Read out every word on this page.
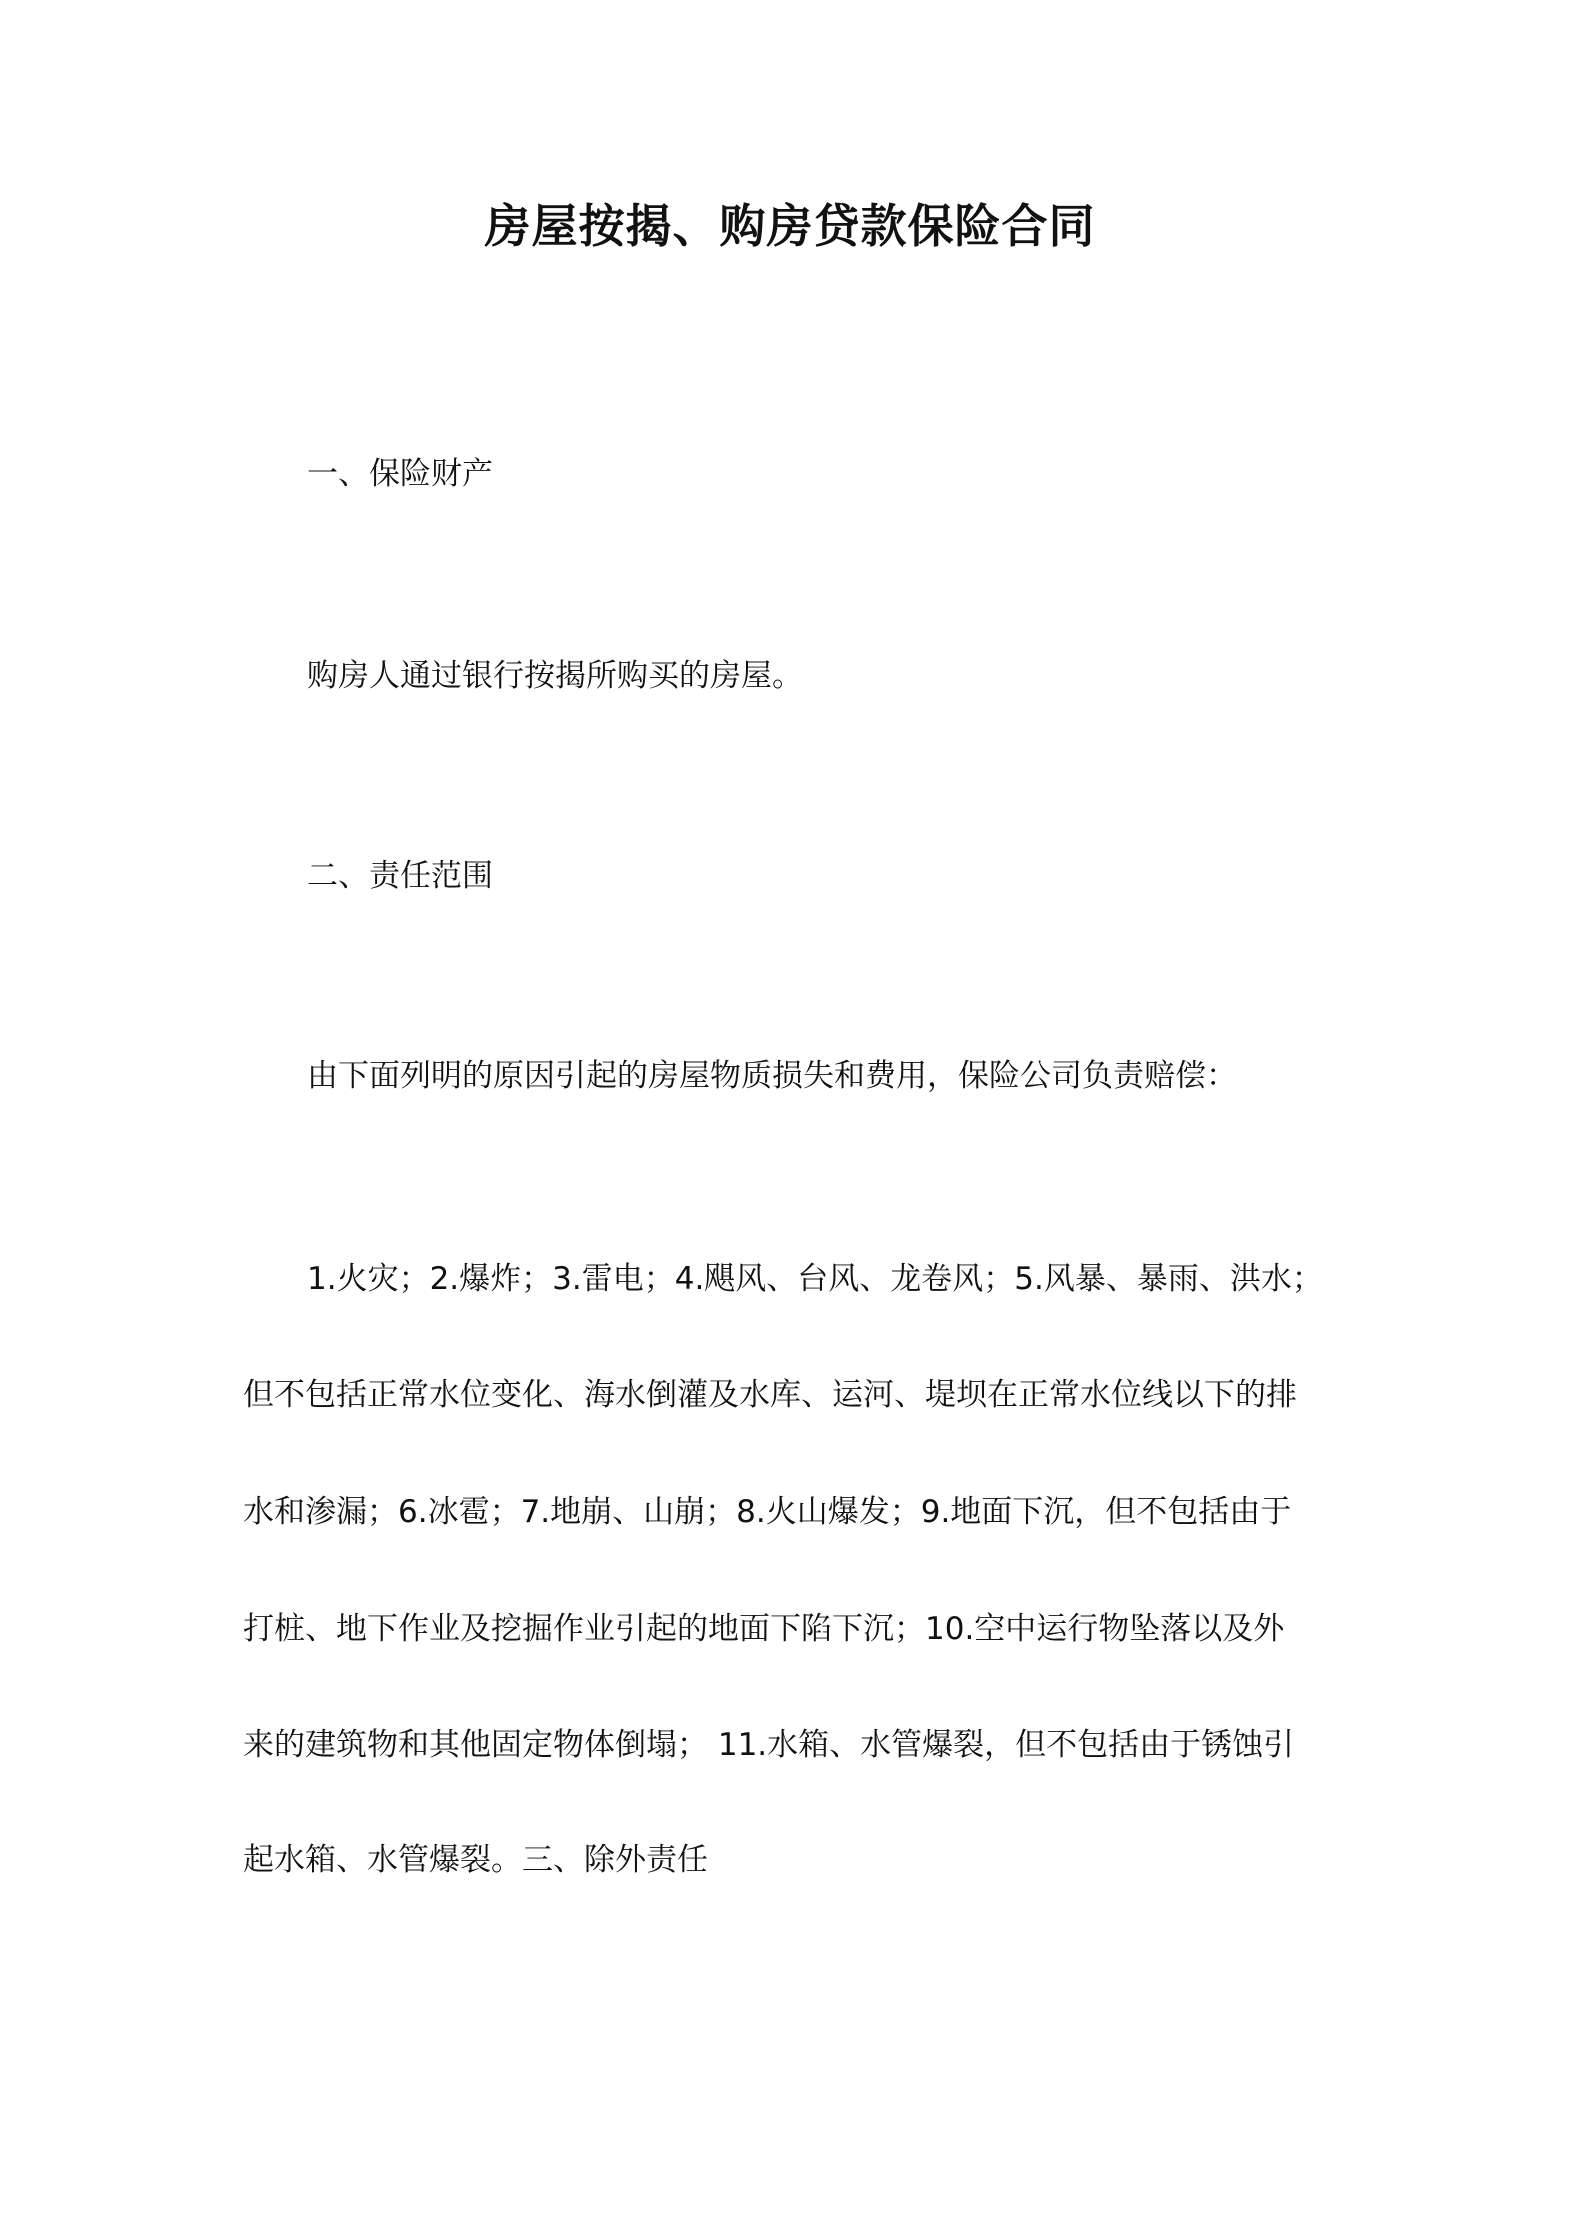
房屋按揭、购房贷款保险合同
一、保险财产
购房人通过银行按揭所购买的房屋。
二、责任范围
由下面列明的原因引起的房屋物质损失和费用，保险公司负责赔偿：
1.火灾；2.爆炸；3.雷电；4.飓风、台风、龙卷风；5.风暴、暴雨、洪水；
但不包括正常水位变化、海水倒灌及水库、运河、堤坝在正常水位线以下的排
水和渗漏；6.冰雹；7.地崩、山崩；8.火山爆发；9.地面下沉，但不包括由于
打桩、地下作业及挖掘作业引起的地面下陷下沉；10.空中运行物坠落以及外
来的建筑物和其他固定物体倒塌； 11.水箱、水管爆裂，但不包括由于锈蚀引
起水箱、水管爆裂。三、除外责任
